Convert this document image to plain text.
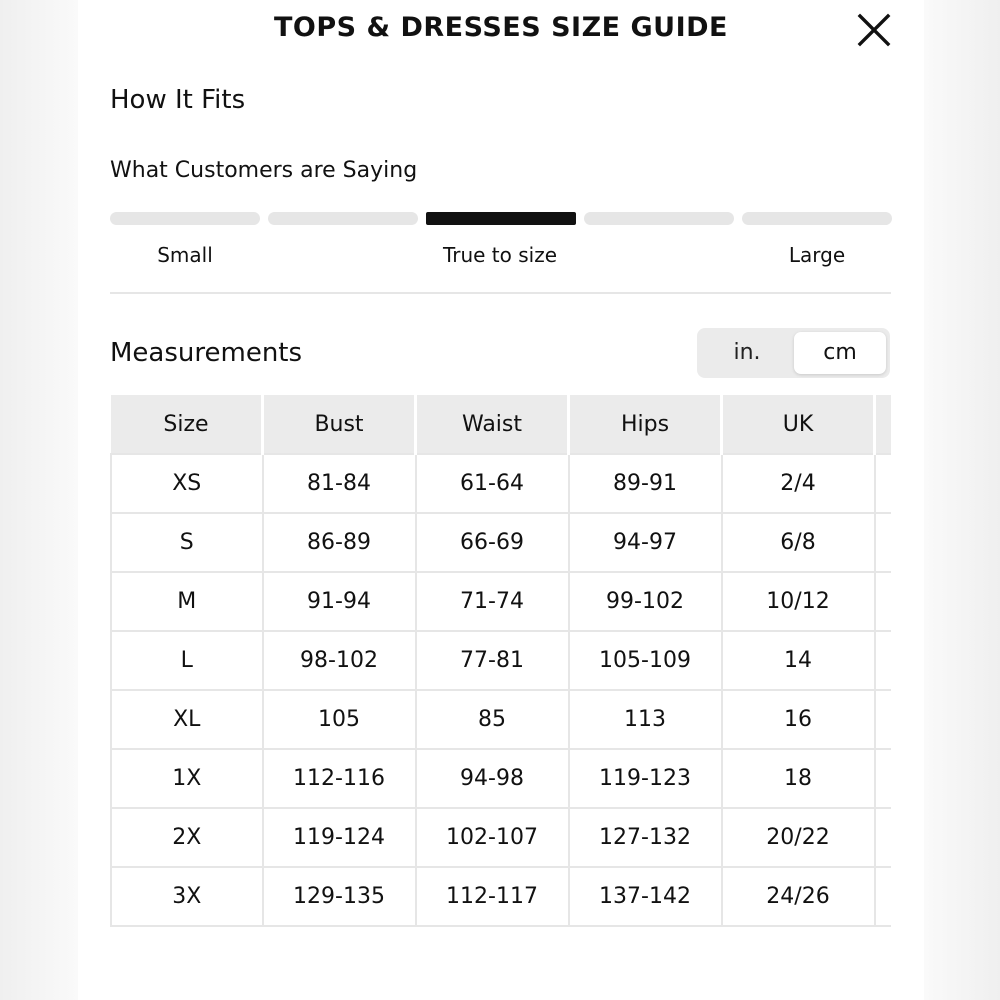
TOPS & DRESSES SIZE GUIDE
How It Fits
What Customers are Saying
Small	True to size	Large
Measurements	in.	cm
Size	Bust	Waist	Hips	UK	
XS	81-84	61-64	89-91	2/4	
S	86-89	66-69	94-97	6/8	
M	91-94	71-74	99-102	10/12	
L	98-102	77-81	105-109	14	
XL	105	85	113	16	
1X	112-116	94-98	119-123	18	
2X	119-124	102-107	127-132	20/22	
3X	129-135	112-117	137-142	24/26	
